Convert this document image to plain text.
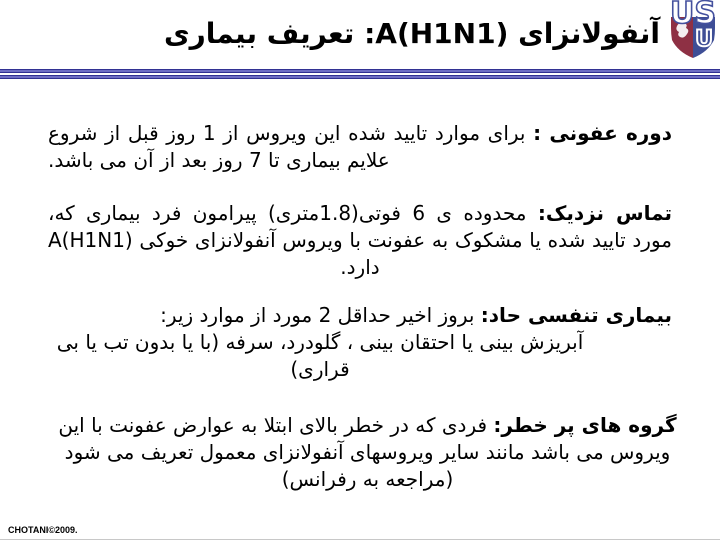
U
US
آنفولانزای A(H1N1): تعریف بیماری
دوره عفونی : برای موارد تایید شده این ویروس از 1 روز قبل از شروع علایم بیماری تا 7 روز بعد از آن می باشد.
تماس نزدیک: محدوده ی 6 فوتی(1.8متری) پیرامون فرد بیماری که، مورد تایید شده یا مشکوک به عفونت با ویروس آنفولانزای خوکی A(H1N1) دارد.
بیماری تنفسی حاد: بروز اخیر حداقل 2 مورد از موارد زیر:
آبریزش بینی یا احتقان بینی ، گلودرد، سرفه (با یا بدون تب یا بی قراری)
گروه های پر خطر: فردی که در خطر بالای ابتلا به عوارض عفونت با این ویروس می باشد مانند سایر ویروسهای آنفولانزای معمول تعریف می شود (مراجعه به رفرانس)
CHOTANI©2009.
